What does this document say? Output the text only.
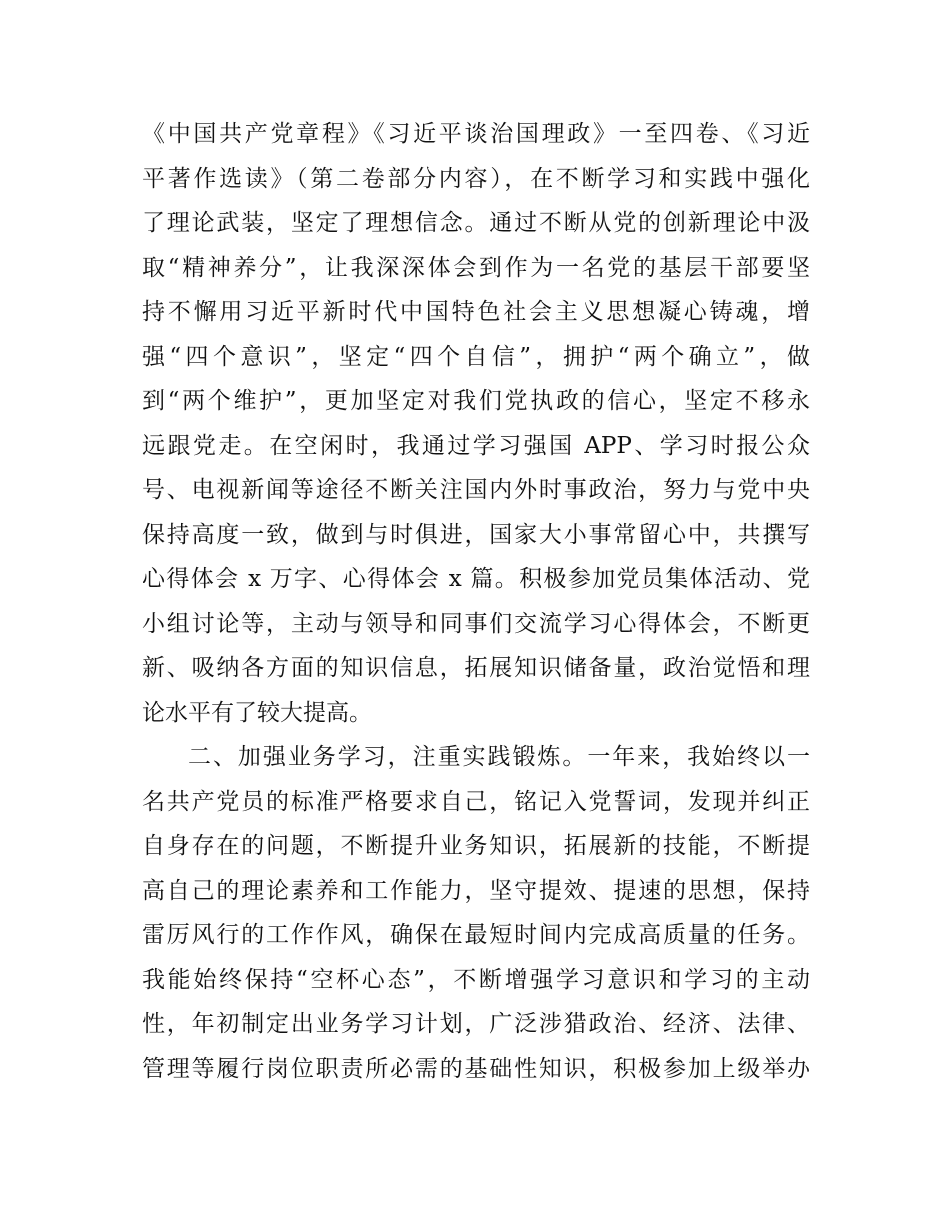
《中国共产党章程》《习近平谈治国理政》一至四卷、《习近
平著作选读》（第二卷部分内容），在不断学习和实践中强化
了理论武装，坚定了理想信念。通过不断从党的创新理论中汲
取“精神养分”，让我深深体会到作为一名党的基层干部要坚
持不懈用习近平新时代中国特色社会主义思想凝心铸魂，增
强“四个意识”，坚定“四个自信”，拥护“两个确立”，做
到“两个维护”，更加坚定对我们党执政的信心，坚定不移永
远跟党走。在空闲时，我通过学习强国 APP、学习时报公众
号、电视新闻等途径不断关注国内外时事政治，努力与党中央
保持高度一致，做到与时俱进，国家大小事常留心中，共撰写
心得体会 x 万字、心得体会 x 篇。积极参加党员集体活动、党
小组讨论等，主动与领导和同事们交流学习心得体会，不断更
新、吸纳各方面的知识信息，拓展知识储备量，政治觉悟和理
论水平有了较大提高。
二、加强业务学习，注重实践锻炼。一年来，我始终以一
名共产党员的标准严格要求自己，铭记入党誓词，发现并纠正
自身存在的问题，不断提升业务知识，拓展新的技能，不断提
高自己的理论素养和工作能力，坚守提效、提速的思想，保持
雷厉风行的工作作风，确保在最短时间内完成高质量的任务。
我能始终保持“空杯心态”，不断增强学习意识和学习的主动
性，年初制定出业务学习计划，广泛涉猎政治、经济、法律、
管理等履行岗位职责所必需的基础性知识，积极参加上级举办
